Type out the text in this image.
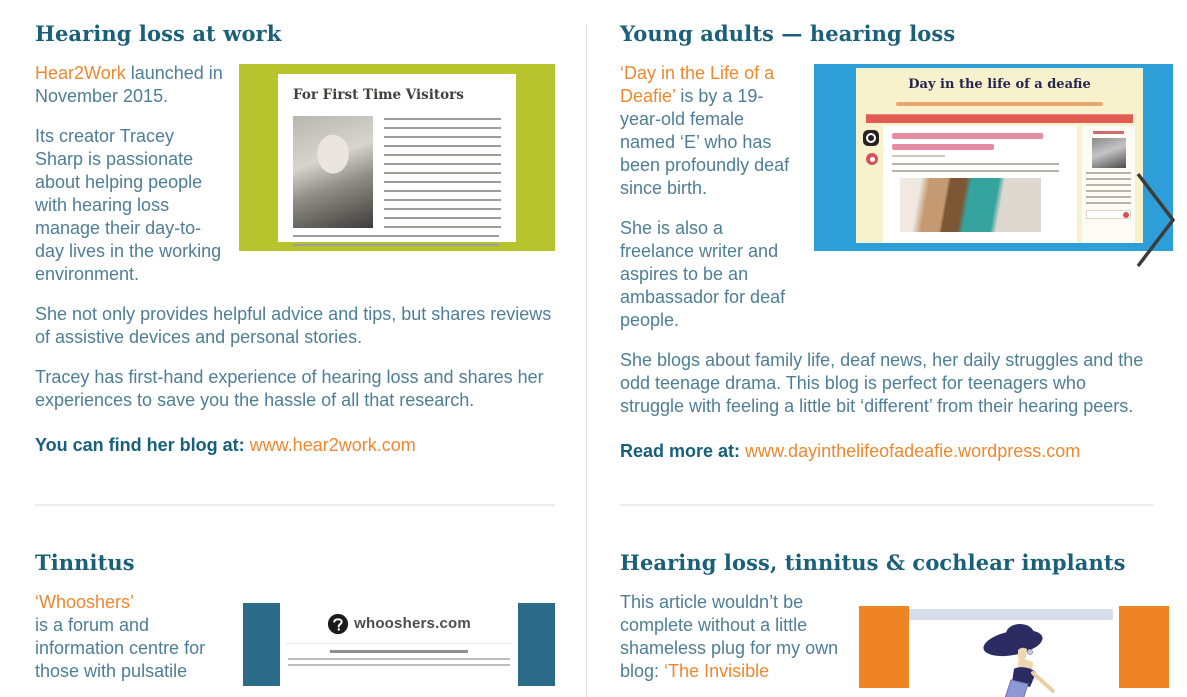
Hearing loss at work
For First Time Visitors

Hear2Work launched in November 2015.

Its creator Tracey Sharp is passionate about helping people with hearing loss manage their day-to-day lives in the working environment.

She not only provides helpful advice and tips, but shares reviews of assistive devices and personal stories.

Tracey has first-hand experience of hearing loss and shares her experiences to save you the hassle of all that research.

You can find her blog at: www.hear2work.com

Tinnitus
whooshers.com

‘Whooshers’
is a forum and information centre for those with pulsatile

Young adults — hearing loss
Day in the life of a deafie

‘Day in the Life of a Deafie’ is by a 19-year-old female named ‘E’ who has been profoundly deaf since birth.

She is also a freelance writer and aspires to be an ambassador for deaf people.

She blogs about family life, deaf news, her daily struggles and the odd teenage drama. This blog is perfect for teenagers who struggle with feeling a little bit ‘different’ from their hearing peers.

Read more at: www.dayinthelifeofadeafie.wordpress.com

Hearing loss, tinnitus & cochlear implants

This article wouldn’t be complete without a little shameless plug for my own blog: ‘The Invisible
